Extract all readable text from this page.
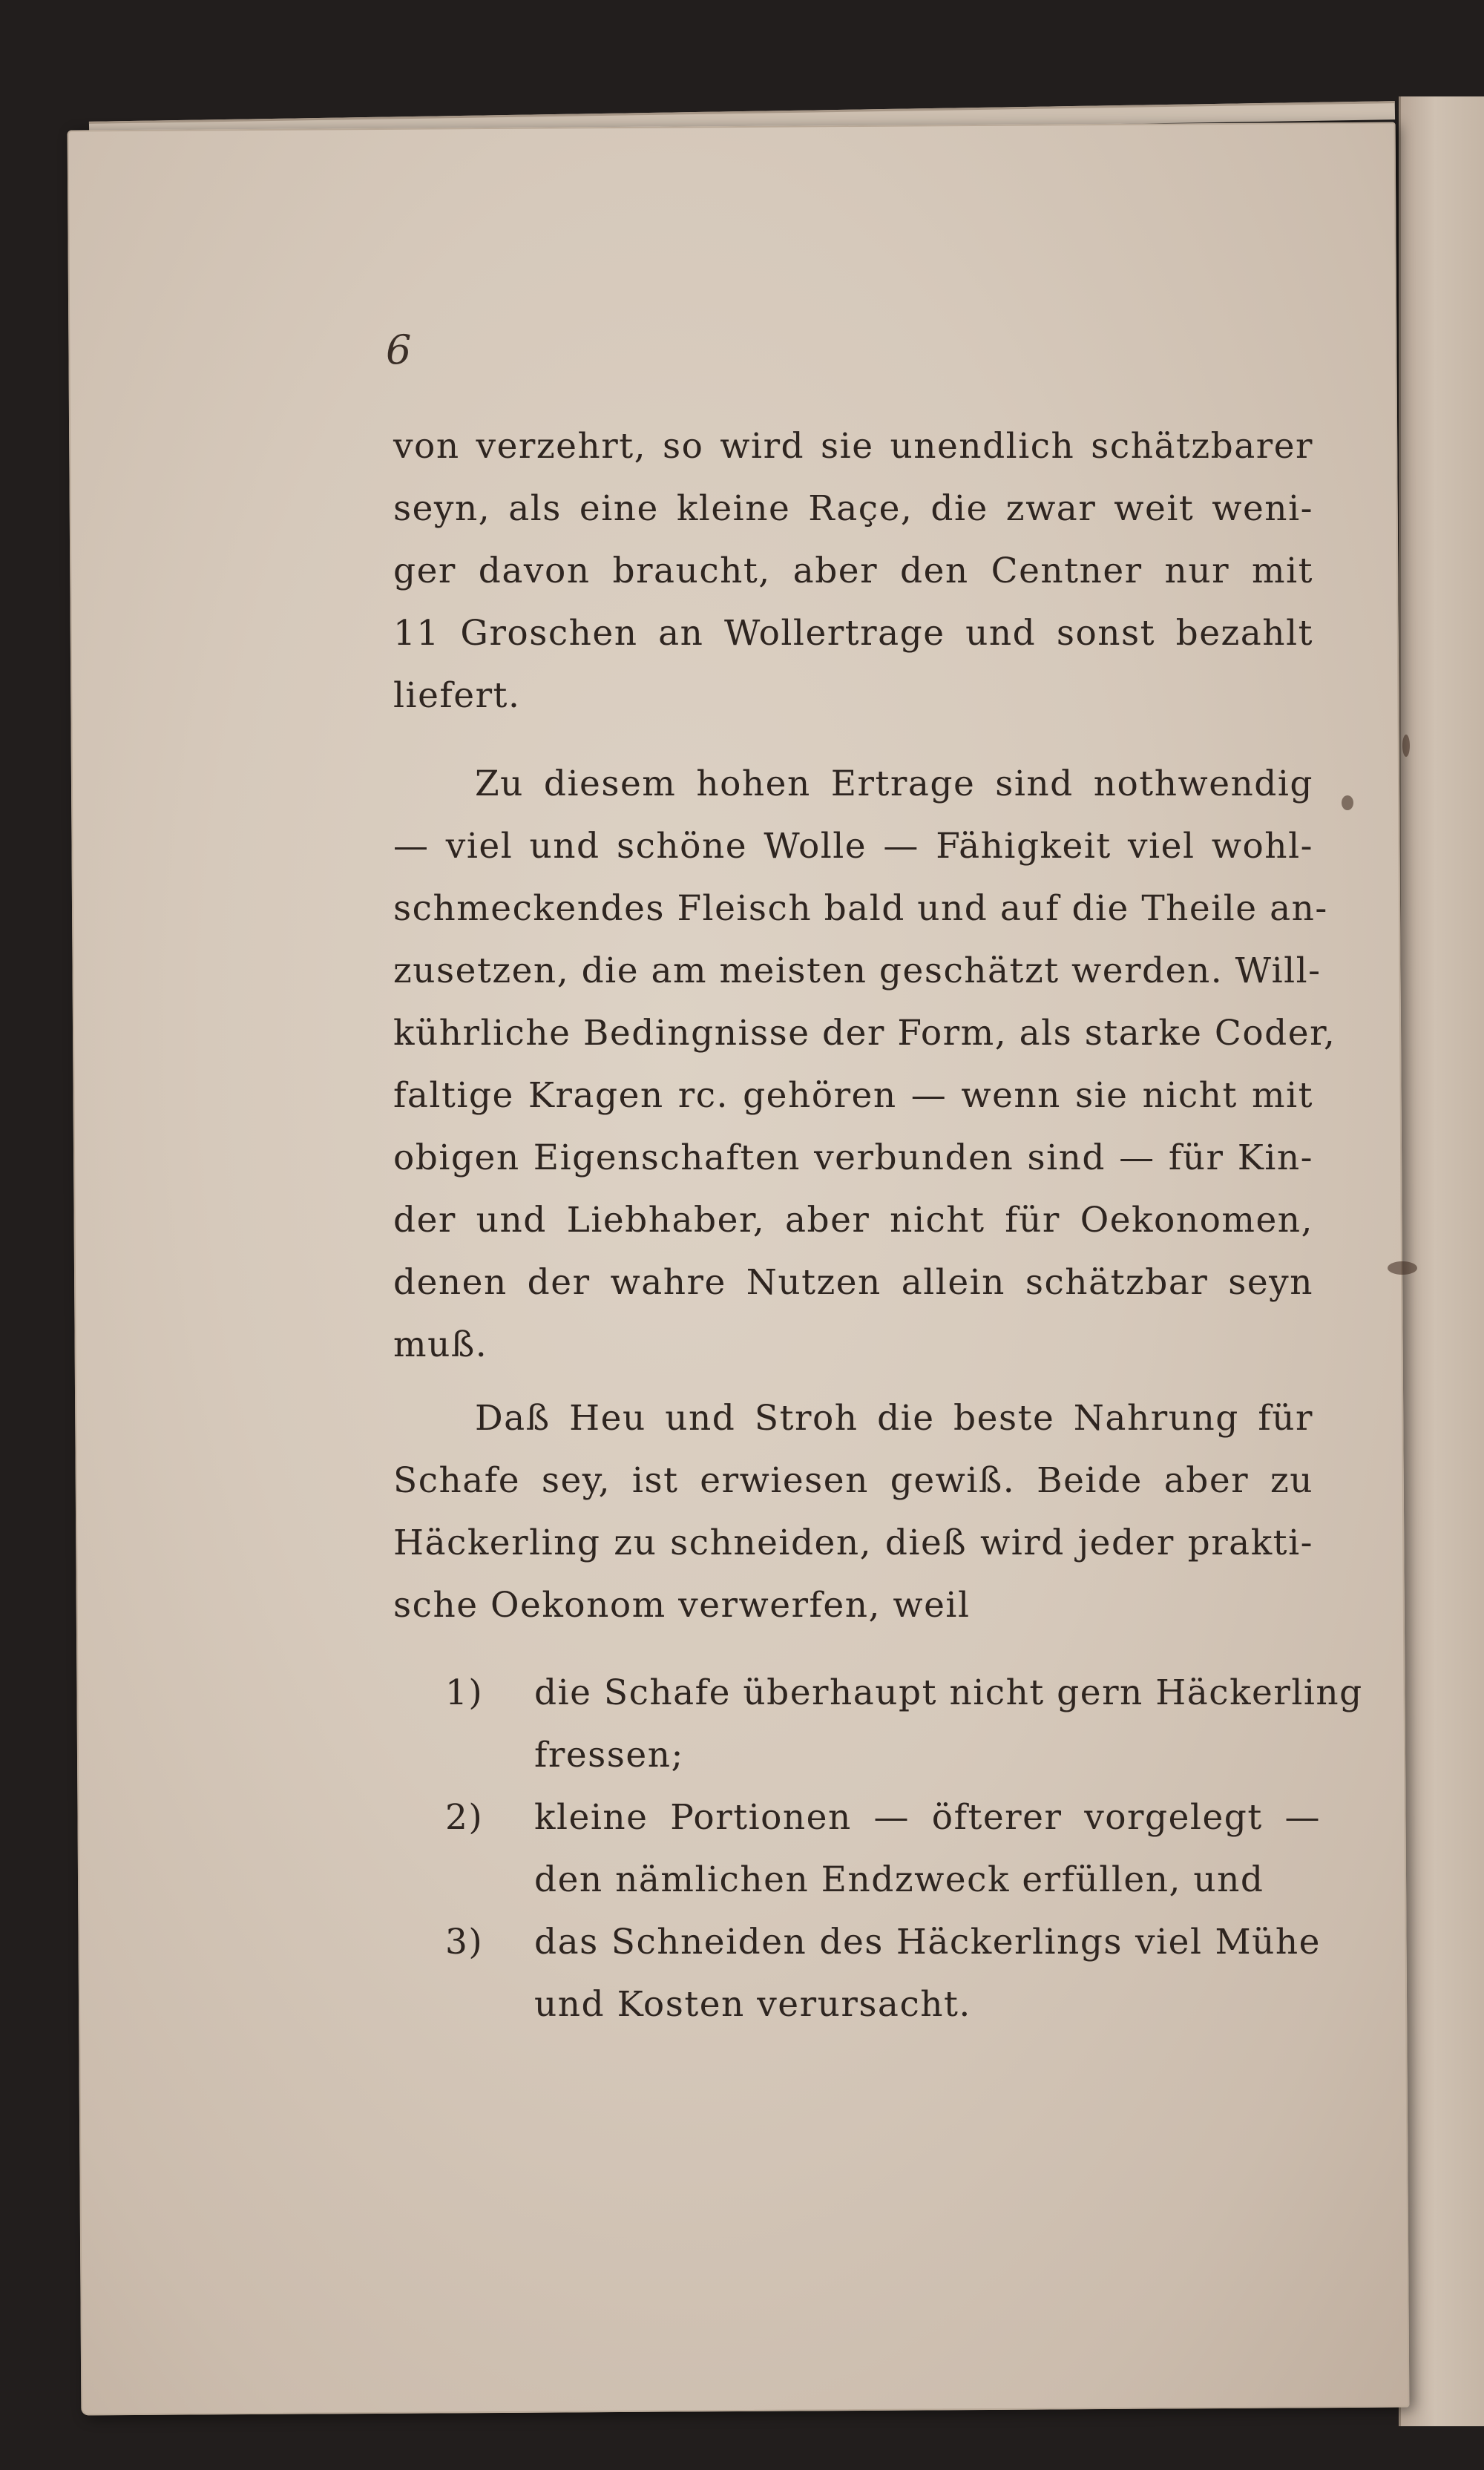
6
von verzehrt, so wird sie unendlich schätzbarer
seyn, als eine kleine Raçe, die zwar weit weni-
ger davon braucht, aber den Centner nur mit
11 Groschen an Wollertrage und sonst bezahlt
liefert.
Zu diesem hohen Ertrage sind nothwendig
— viel und schöne Wolle — Fähigkeit viel wohl-
schmeckendes Fleisch bald und auf die Theile an-
zusetzen, die am meisten geschätzt werden. Will-
kührliche Bedingnisse der Form, als starke Coder,
faltige Kragen rc. gehören — wenn sie nicht mit
obigen Eigenschaften verbunden sind — für Kin-
der und Liebhaber, aber nicht für Oekonomen,
denen der wahre Nutzen allein schätzbar seyn
muß.
Daß Heu und Stroh die beste Nahrung für
Schafe sey, ist erwiesen gewiß. Beide aber zu
Häckerling zu schneiden, dieß wird jeder prakti-
sche Oekonom verwerfen, weil
1) die Schafe überhaupt nicht gern Häckerling
fressen;
2) kleine Portionen — öfterer vorgelegt —
den nämlichen Endzweck erfüllen, und
3) das Schneiden des Häckerlings viel Mühe
und Kosten verursacht.
